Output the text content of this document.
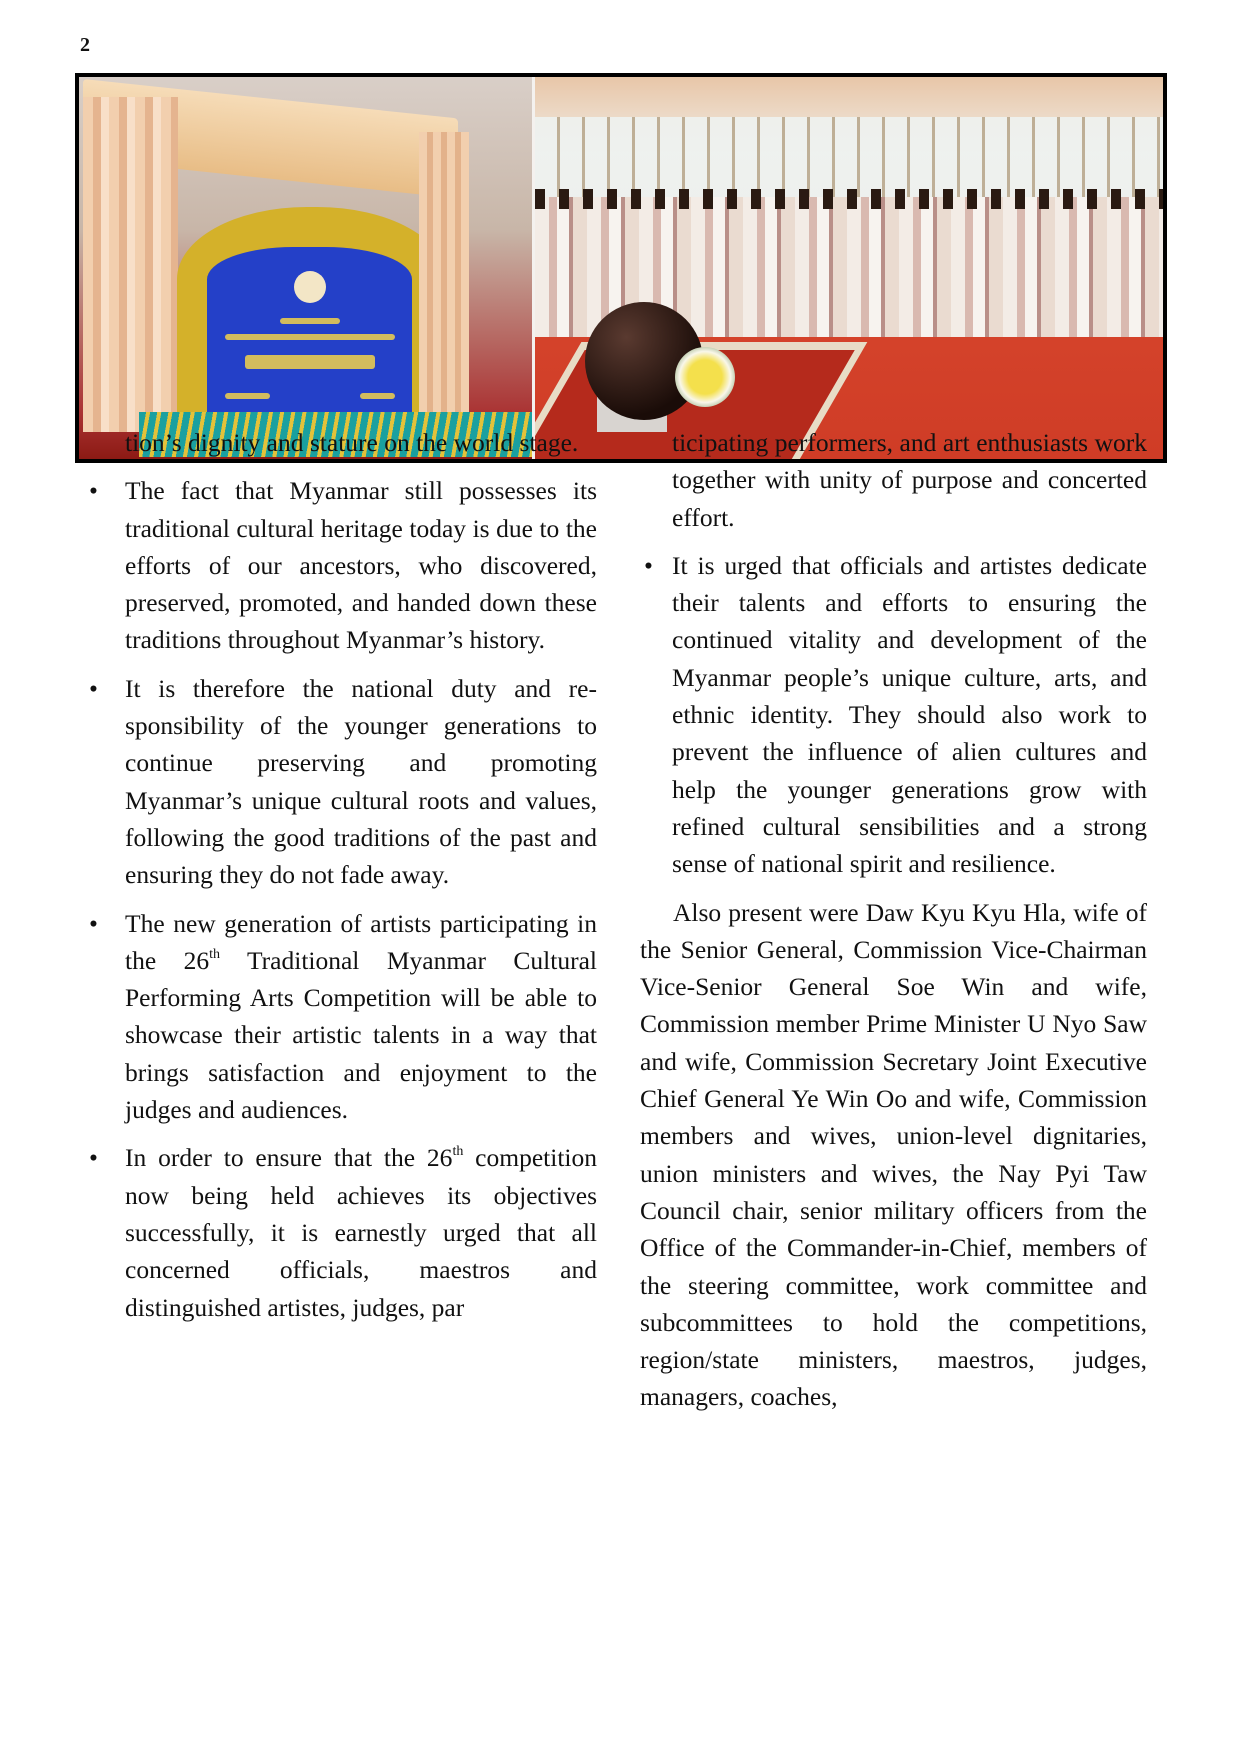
2

tion’s dignity and stature on the world stage.

• The fact that Myanmar still possesses its traditional cultural heritage today is due to the efforts of our ancestors, who discovered, preserved, promoted, and handed down these traditions throughout Myanmar’s history.
• It is therefore the national duty and responsibility of the younger generations to continue preserving and promoting Myanmar’s unique cultural roots and values, following the good traditions of the past and ensuring they do not fade away.
• The new generation of artists participating in the 26th Traditional Myanmar Cultural Performing Arts Competition will be able to showcase their artistic talents in a way that brings satisfaction and enjoyment to the judges and audiences.
• In order to ensure that the 26th competition now being held achieves its objectives successfully, it is earnestly urged that all concerned officials, maestros and distinguished artistes, judges, par

ticipating performers, and art enthusiasts work together with unity of purpose and concerted effort.

• It is urged that officials and artistes dedicate their talents and efforts to ensuring the continued vitality and development of the Myanmar people’s unique culture, arts, and ethnic identity. They should also work to prevent the influence of alien cultures and help the younger generations grow with refined cultural sensibilities and a strong sense of national spirit and resilience.

Also present were Daw Kyu Kyu Hla, wife of the Senior General, Commission Vice-Chairman Vice-Senior General Soe Win and wife, Commission member Prime Minister U Nyo Saw and wife, Commission Secretary Joint Executive Chief General Ye Win Oo and wife, Commission members and wives, union-level dignitaries, union ministers and wives, the Nay Pyi Taw Council chair, senior military officers from the Office of the Commander-in-Chief, members of the steering committee, work committee and subcommittees to hold the competitions, region/state ministers, maestros, judges, managers, coaches,
